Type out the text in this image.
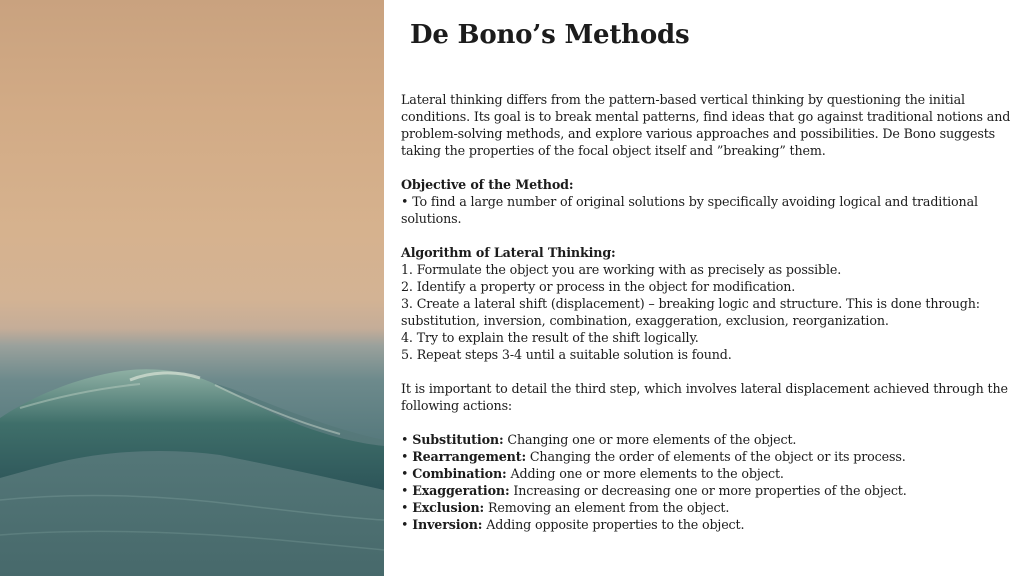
De Bono’s Methods

Lateral thinking differs from the pattern-based vertical thinking by questioning the initial conditions. Its goal is to break mental patterns, find ideas that go against traditional notions and problem-solving methods, and explore various approaches and possibilities. De Bono suggests taking the properties of the focal object itself and ”breaking” them.

Objective of the Method:

• To find a large number of original solutions by specifically avoiding logical and traditional solutions.

Algorithm of Lateral Thinking:

1. Formulate the object you are working with as precisely as possible.

2. Identify a property or process in the object for modification.

3. Create a lateral shift (displacement) – breaking logic and structure. This is done through: substitution, inversion, combination, exaggeration, exclusion, reorganization.

4. Try to explain the result of the shift logically.

5. Repeat steps 3-4 until a suitable solution is found.

It is important to detail the third step, which involves lateral displacement achieved through the following actions:

• Substitution: Changing one or more elements of the object.

• Rearrangement: Changing the order of elements of the object or its process.

• Combination: Adding one or more elements to the object.

• Exaggeration: Increasing or decreasing one or more properties of the object.

• Exclusion: Removing an element from the object.

• Inversion: Adding opposite properties to the object.
